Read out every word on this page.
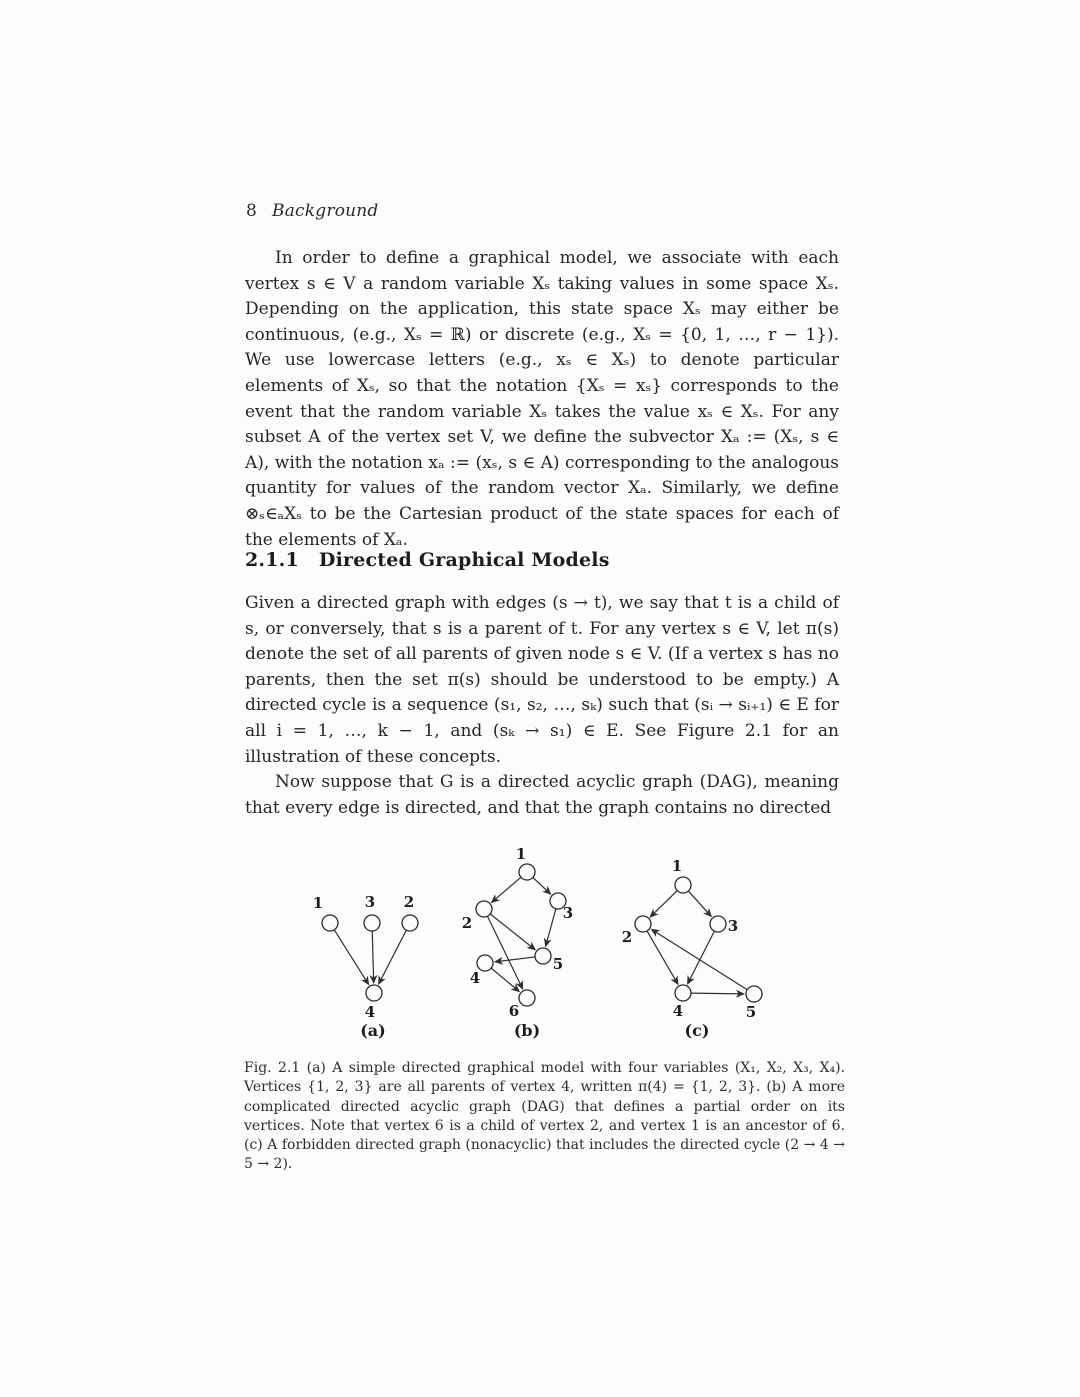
8 Background

In order to define a graphical model, we associate with each vertex s ∈ V a random variable Xₛ taking values in some space Xₛ. Depending on the application, this state space Xₛ may either be continuous, (e.g., Xₛ = ℝ) or discrete (e.g., Xₛ = {0, 1, …, r − 1}). We use lowercase letters (e.g., xₛ ∈ Xₛ) to denote particular elements of Xₛ, so that the notation {Xₛ = xₛ} corresponds to the event that the random variable Xₛ takes the value xₛ ∈ Xₛ. For any subset A of the vertex set V, we define the subvector Xₐ := (Xₛ, s ∈ A), with the notation xₐ := (xₛ, s ∈ A) corresponding to the analogous quantity for values of the random vector Xₐ. Similarly, we define ⊗ₛ∈ₐXₛ to be the Cartesian product of the state spaces for each of the elements of Xₐ.

2.1.1 Directed Graphical Models

Given a directed graph with edges (s → t), we say that t is a child of s, or conversely, that s is a parent of t. For any vertex s ∈ V, let π(s) denote the set of all parents of given node s ∈ V. (If a vertex s has no parents, then the set π(s) should be understood to be empty.) A directed cycle is a sequence (s₁, s₂, …, sₖ) such that (sᵢ → sᵢ₊₁) ∈ E for all i = 1, …, k − 1, and (sₖ → s₁) ∈ E. See Figure 2.1 for an illustration of these concepts.

Now suppose that G is a directed acyclic graph (DAG), meaning that every edge is directed, and that the graph contains no directed

1	3 2
4
(a)
1
2
3
4
5
6
(b)
1
2
3
4	5
(c)
Fig. 2.1 (a) A simple directed graphical model with four variables (X₁, X₂, X₃, X₄). Vertices {1, 2, 3} are all parents of vertex 4, written π(4) = {1, 2, 3}. (b) A more complicated directed acyclic graph (DAG) that defines a partial order on its vertices. Note that vertex 6 is a child of vertex 2, and vertex 1 is an ancestor of 6. (c) A forbidden directed graph (nonacyclic) that includes the directed cycle (2 → 4 → 5 → 2).
